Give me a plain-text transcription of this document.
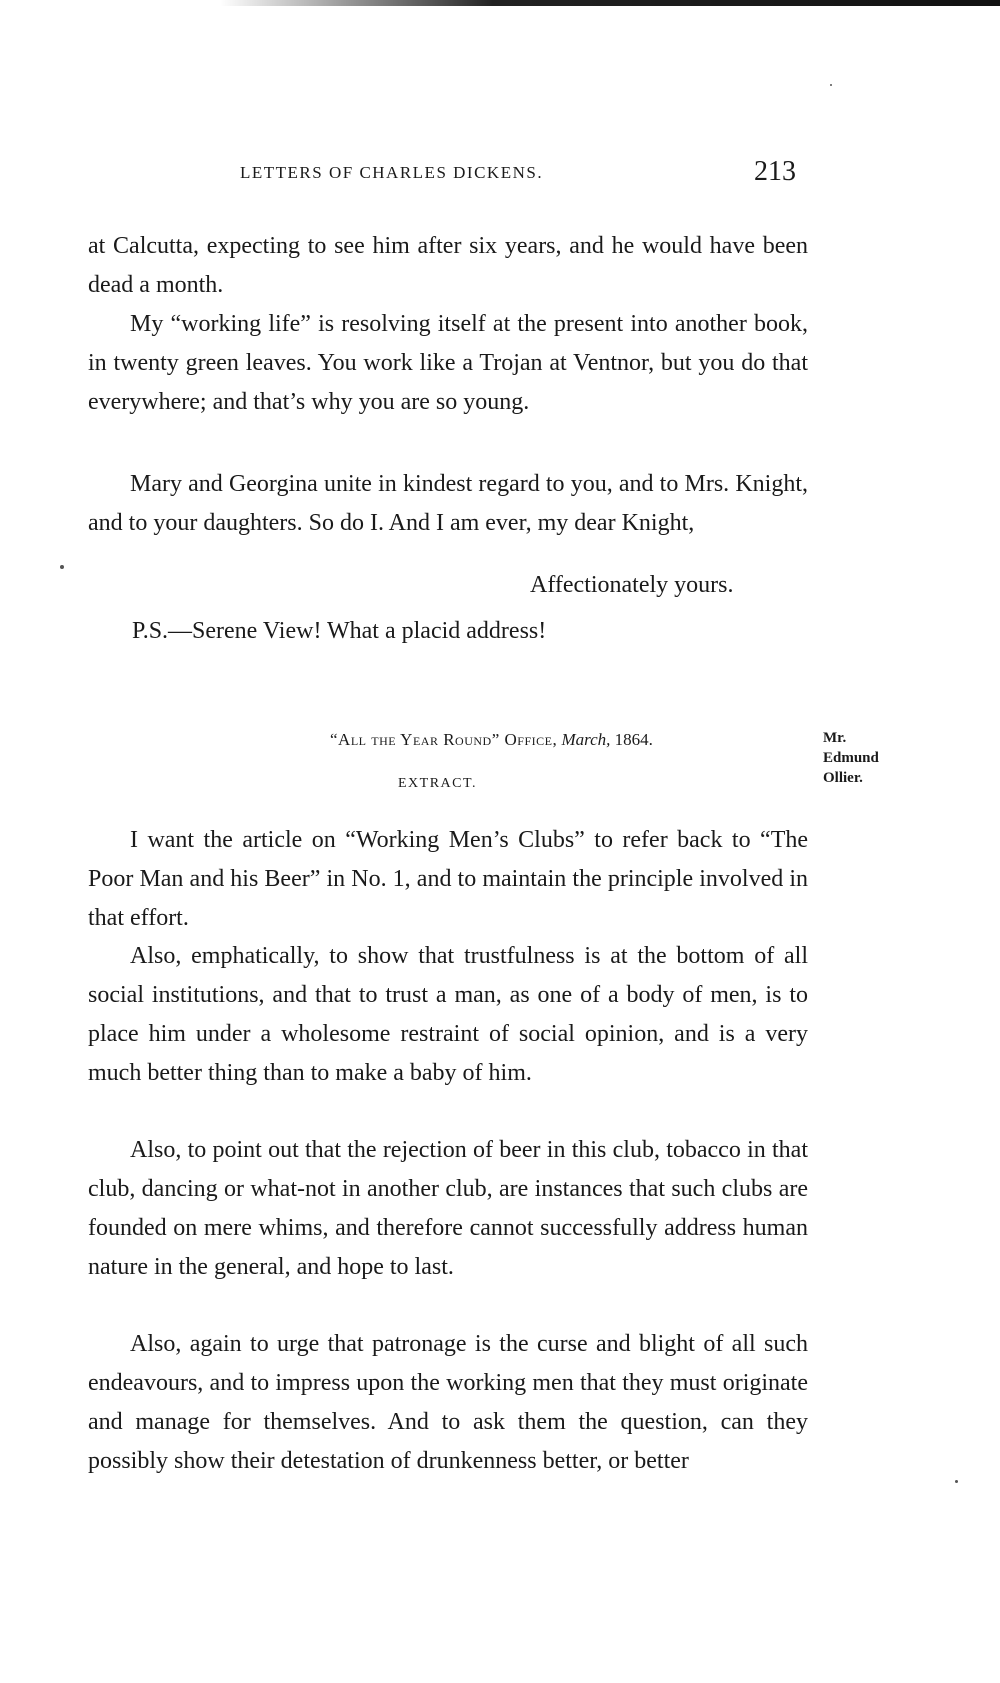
LETTERS OF CHARLES DICKENS.	213

at Calcutta, expecting to see him after six years, and he would have been dead a month.

My “working life” is resolving itself at the present into another book, in twenty green leaves. You work like a Trojan at Ventnor, but you do that everywhere; and that’s why you are so young.

Mary and Georgina unite in kindest regard to you, and to Mrs. Knight, and to your daughters. So do I. And I am ever, my dear Knight,

Affectionately yours.
P.S.—Serene View! What a placid address!
“All the Year Round” Office, March, 1864.
EXTRACT.
Mr.
Edmund
Ollier.

I want the article on “Working Men’s Clubs” to refer back to “The Poor Man and his Beer” in No. 1, and to maintain the principle involved in that effort.

Also, emphatically, to show that trustfulness is at the bottom of all social institutions, and that to trust a man, as one of a body of men, is to place him under a wholesome restraint of social opinion, and is a very much better thing than to make a baby of him.

Also, to point out that the rejection of beer in this club, tobacco in that club, dancing or what-not in another club, are instances that such clubs are founded on mere whims, and therefore cannot successfully address human nature in the general, and hope to last.

Also, again to urge that patronage is the curse and blight of all such endeavours, and to impress upon the working men that they must originate and manage for themselves. And to ask them the question, can they possibly show their detestation of drunkenness better, or better
